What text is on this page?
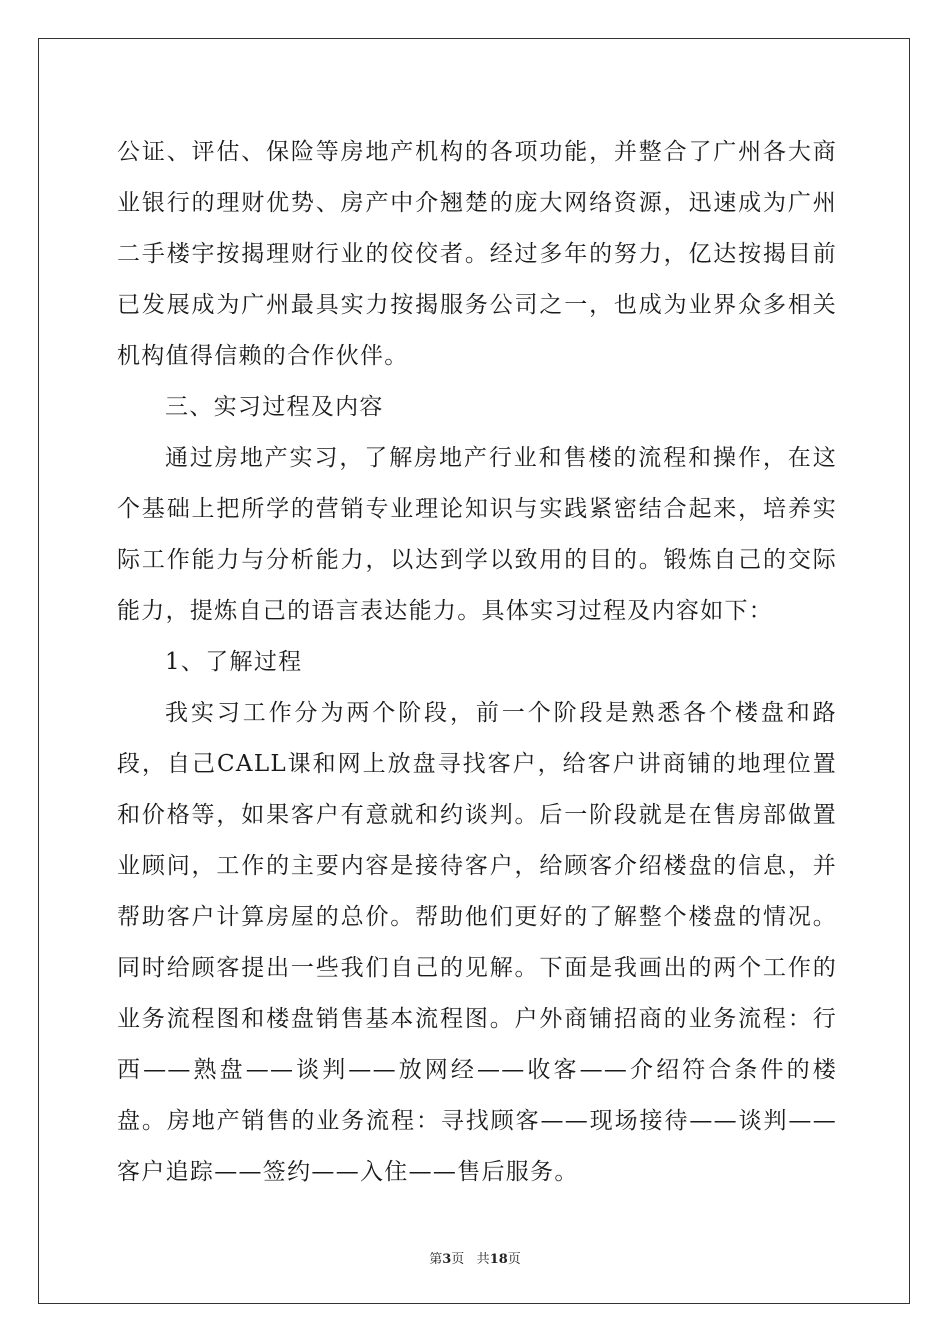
公证、评估、保险等房地产机构的各项功能，并整合了广州各大商业银行的理财优势、房产中介翘楚的庞大网络资源，迅速成为广州二手楼宇按揭理财行业的佼佼者。经过多年的努力，亿达按揭目前已发展成为广州最具实力按揭服务公司之一，也成为业界众多相关机构值得信赖的合作伙伴。

三、实习过程及内容

通过房地产实习，了解房地产行业和售楼的流程和操作，在这个基础上把所学的营销专业理论知识与实践紧密结合起来，培养实际工作能力与分析能力，以达到学以致用的目的。锻炼自己的交际能力，提炼自己的语言表达能力。具体实习过程及内容如下：

1、了解过程

我实习工作分为两个阶段，前一个阶段是熟悉各个楼盘和路段，自己CALL课和网上放盘寻找客户，给客户讲商铺的地理位置和价格等，如果客户有意就和约谈判。后一阶段就是在售房部做置业顾问，工作的主要内容是接待客户，给顾客介绍楼盘的信息，并帮助客户计算房屋的总价。帮助他们更好的了解整个楼盘的情况。同时给顾客提出一些我们自己的见解。下面是我画出的两个工作的业务流程图和楼盘销售基本流程图。户外商铺招商的业务流程：行西——熟盘——谈判——放网经——收客——介绍符合条件的楼盘。房地产销售的业务流程：寻找顾客——现场接待——谈判——客户追踪——签约——入住——售后服务。

第3页 共18页
